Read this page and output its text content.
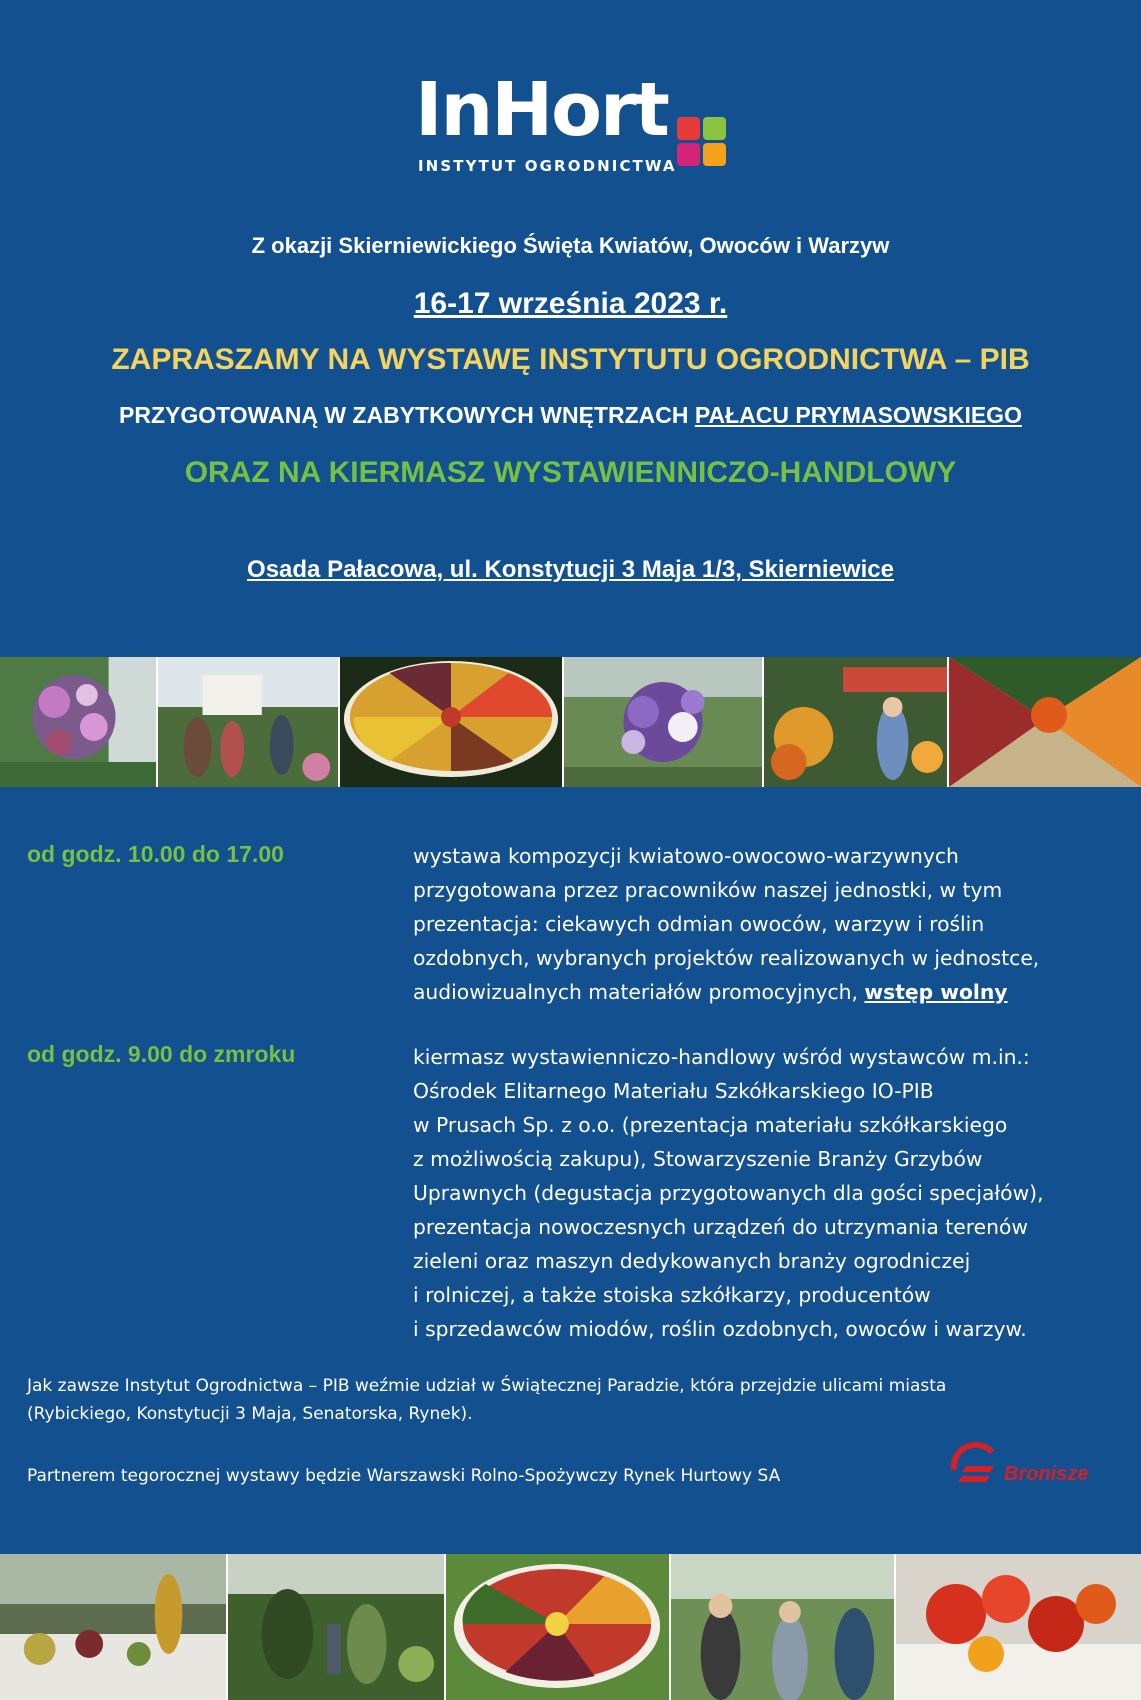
InHort
INSTYTUT OGRODNICTWA
Z okazji Skierniewickiego Święta Kwiatów, Owoców i Warzyw
16-17 września 2023 r.
ZAPRASZAMY NA WYSTAWĘ INSTYTUTU OGRODNICTWA – PIB
PRZYGOTOWANĄ W ZABYTKOWYCH WNĘTRZACH PAŁACU PRYMASOWSKIEGO
ORAZ NA KIERMASZ WYSTAWIENNICZO-HANDLOWY
Osada Pałacowa, ul. Konstytucji 3 Maja 1/3, Skierniewice
od godz. 10.00 do 17.00	wystawa kompozycji kwiatowo-owocowo-warzywnych
przygotowana przez pracowników naszej jednostki, w tym
prezentacja: ciekawych odmian owoców, warzyw i roślin
ozdobnych, wybranych projektów realizowanych w jednostce,
audiowizualnych materiałów promocyjnych, wstęp wolny
od godz. 9.00 do zmroku	kiermasz wystawienniczo-handlowy wśród wystawców m.in.:
Ośrodek Elitarnego Materiału Szkółkarskiego IO-PIB
w Prusach Sp. z o.o. (prezentacja materiału szkółkarskiego
z możliwością zakupu), Stowarzyszenie Branży Grzybów
Uprawnych (degustacja przygotowanych dla gości specjałów),
prezentacja nowoczesnych urządzeń do utrzymania terenów
zieleni oraz maszyn dedykowanych branży ogrodniczej
i rolniczej, a także stoiska szkółkarzy, producentów
i sprzedawców miodów, roślin ozdobnych, owoców i warzyw.
Jak zawsze Instytut Ogrodnictwa – PIB weźmie udział w Świątecznej Paradzie, która przejdzie ulicami miasta
(Rybickiego, Konstytucji 3 Maja, Senatorska, Rynek).
Partnerem tegorocznej wystawy będzie Warszawski Rolno-Spożywczy Rynek Hurtowy SA	Bronisze
